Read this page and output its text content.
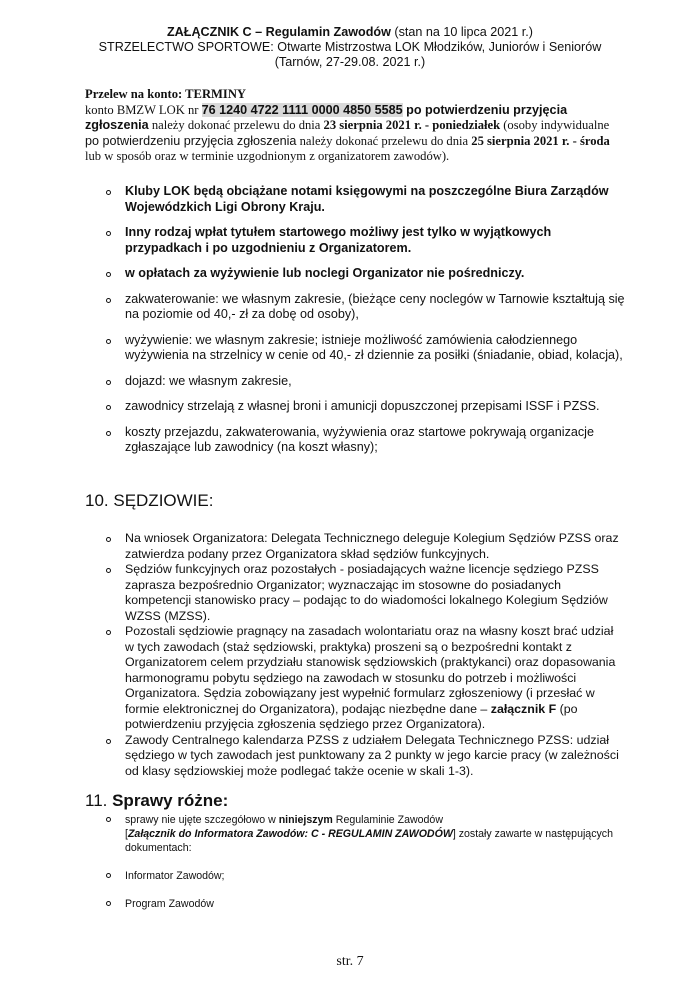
ZAŁĄCZNIK C – Regulamin Zawodów (stan na 10 lipca 2021 r.)
STRZELECTWO SPORTOWE: Otwarte Mistrzostwa LOK Młodzików, Juniorów i Seniorów
(Tarnów, 27-29.08. 2021 r.)
Przelew na konto: TERMINY
konto BMZW LOK nr 76 1240 4722 1111 0000 4850 5585 po potwierdzeniu przyjęcia zgłoszenia należy dokonać przelewu do dnia 23 sierpnia 2021 r. - poniedziałek (osoby indywidualne po potwierdzeniu przyjęcia zgłoszenia należy dokonać przelewu do dnia 25 sierpnia 2021 r. - środa lub w sposób oraz w terminie uzgodnionym z organizatorem zawodów).
Kluby LOK będą obciążane notami księgowymi na poszczególne Biura Zarządów Wojewódzkich Ligi Obrony Kraju.
Inny rodzaj wpłat tytułem startowego możliwy jest tylko w wyjątkowych przypadkach i po uzgodnieniu z Organizatorem.
w opłatach za wyżywienie lub noclegi Organizator nie pośredniczy.
zakwaterowanie: we własnym zakresie, (bieżące ceny noclegów w Tarnowie kształtują się na poziomie od 40,- zł za dobę od osoby),
wyżywienie: we własnym zakresie; istnieje możliwość zamówienia całodziennego wyżywienia na strzelnicy w cenie od 40,- zł dziennie za posiłki (śniadanie, obiad, kolacja),
dojazd: we własnym zakresie,
zawodnicy strzelają z własnej broni i amunicji dopuszczonej przepisami ISSF i PZSS.
koszty przejazdu, zakwaterowania, wyżywienia oraz startowe pokrywają organizacje zgłaszające lub zawodnicy (na koszt własny);
10. SĘDZIOWIE:
Na wniosek Organizatora: Delegata Technicznego deleguje Kolegium Sędziów PZSS oraz zatwierdza podany przez Organizatora skład sędziów funkcyjnych.
Sędziów funkcyjnych oraz pozostałych - posiadających ważne licencje sędziego PZSS zaprasza bezpośrednio Organizator; wyznaczając im stosowne do posiadanych kompetencji stanowisko pracy – podając to do wiadomości lokalnego Kolegium Sędziów WZSS (MZSS).
Pozostali sędziowie pragnący na zasadach wolontariatu oraz na własny koszt brać udział w tych zawodach (staż sędziowski, praktyka) proszeni są o bezpośredni kontakt z Organizatorem celem przydziału stanowisk sędziowskich (praktykanci) oraz dopasowania harmonogramu pobytu sędziego na zawodach w stosunku do potrzeb i możliwości Organizatora. Sędzia zobowiązany jest wypełnić formularz zgłoszeniowy (i przesłać w formie elektronicznej do Organizatora), podając niezbędne dane – załącznik F (po potwierdzeniu przyjęcia zgłoszenia sędziego przez Organizatora).
Zawody Centralnego kalendarza PZSS z udziałem Delegata Technicznego PZSS: udział sędziego w tych zawodach jest punktowany za 2 punkty w jego karcie pracy (w zależności od klasy sędziowskiej może podlegać także ocenie w skali 1-3).
11. Sprawy różne:
sprawy nie ujęte szczegółowo w niniejszym Regulaminie Zawodów
[Załącznik do Informatora Zawodów: C - REGULAMIN ZAWODÓW] zostały zawarte w następujących dokumentach:
Informator Zawodów;
Program Zawodów
str. 7
